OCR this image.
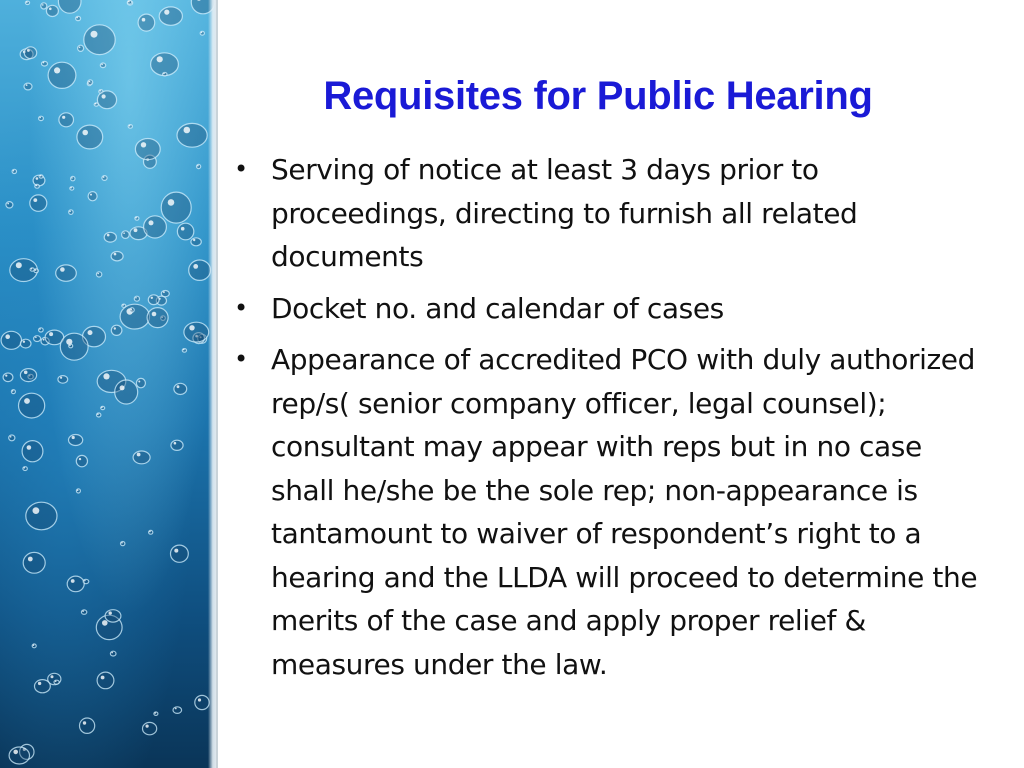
Requisites for Public Hearing
• Serving of notice at least 3 days prior to proceedings, directing to furnish all related documents
• Docket no. and calendar of cases
• Appearance of accredited PCO with duly authorized rep/s( senior company officer, legal counsel); consultant may appear with reps but in no case shall he/she be the sole rep; non-appearance is tantamount to waiver of respondent’s right to a hearing and the LLDA will proceed to determine the merits of the case and apply proper relief & measures under the law.
